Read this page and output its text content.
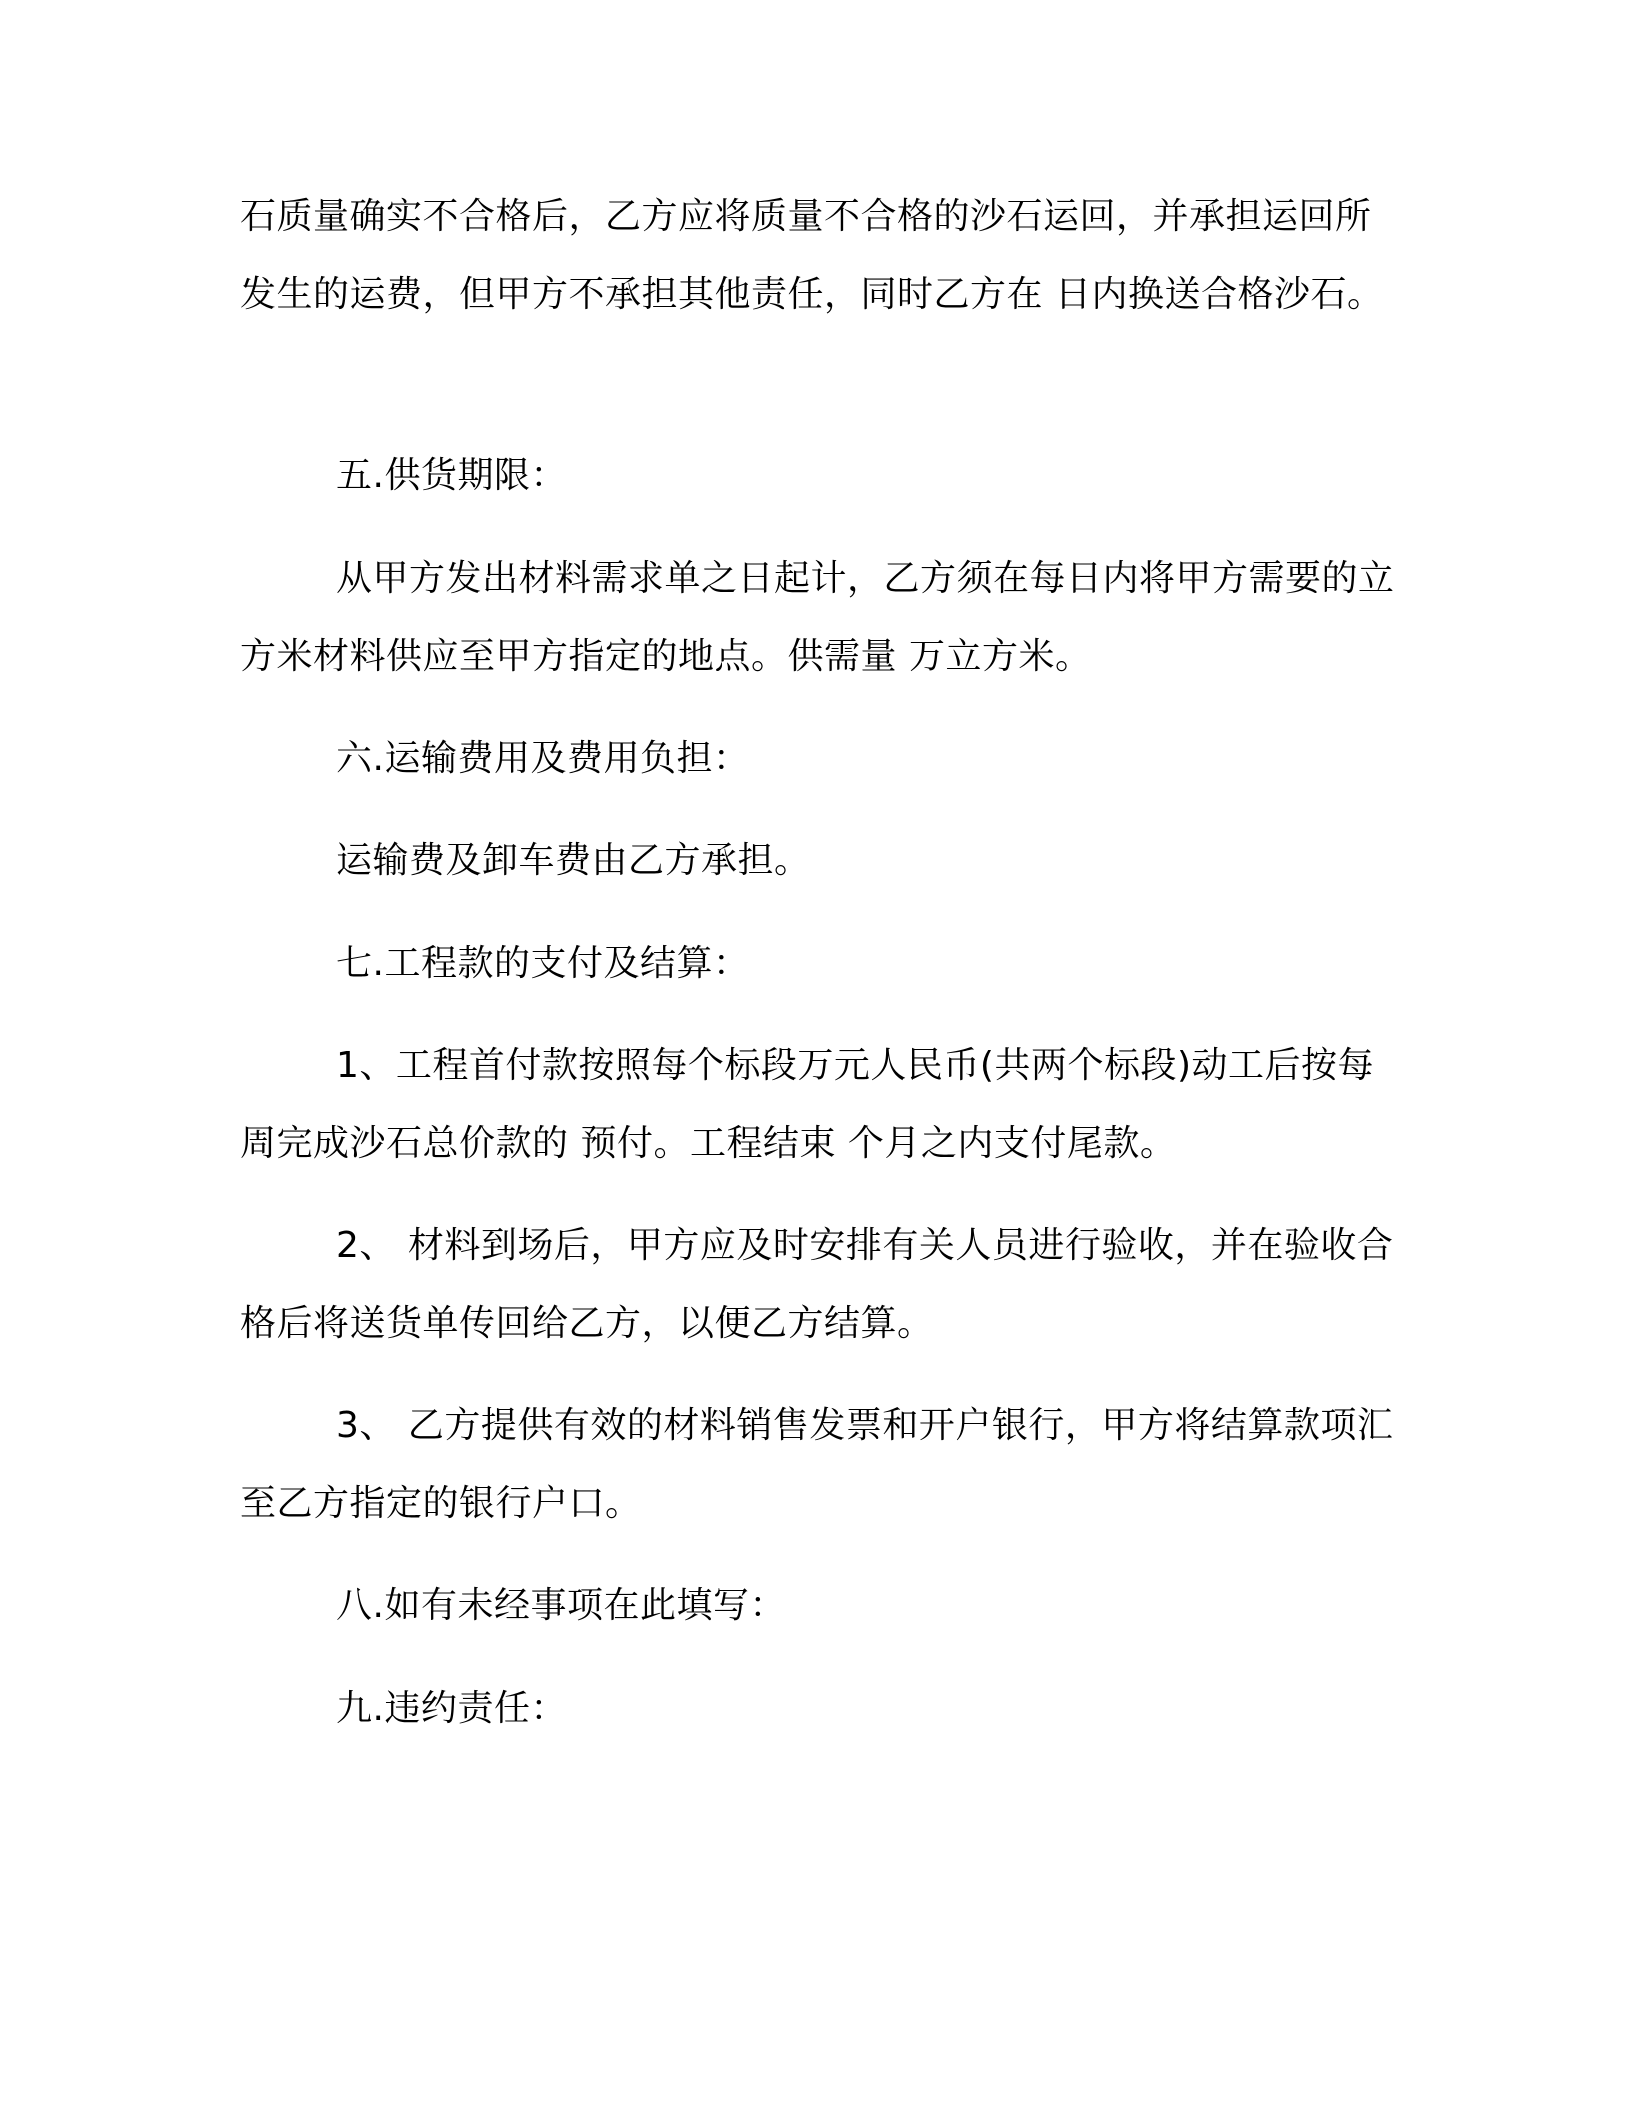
石质量确实不合格后，乙方应将质量不合格的沙石运回，并承担运回所发生的运费，但甲方不承担其他责任，同时乙方在 日内换送合格沙石。

五.供货期限：

从甲方发出材料需求单之日起计，乙方须在每日内将甲方需要的立方米材料供应至甲方指定的地点。供需量 万立方米。

六.运输费用及费用负担：

运输费及卸车费由乙方承担。

七.工程款的支付及结算：

1、工程首付款按照每个标段万元人民币(共两个标段)动工后按每周完成沙石总价款的 预付。工程结束 个月之内支付尾款。

2、 材料到场后，甲方应及时安排有关人员进行验收，并在验收合格后将送货单传回给乙方，以便乙方结算。

3、 乙方提供有效的材料销售发票和开户银行，甲方将结算款项汇至乙方指定的银行户口。

八.如有未经事项在此填写：

九.违约责任：
